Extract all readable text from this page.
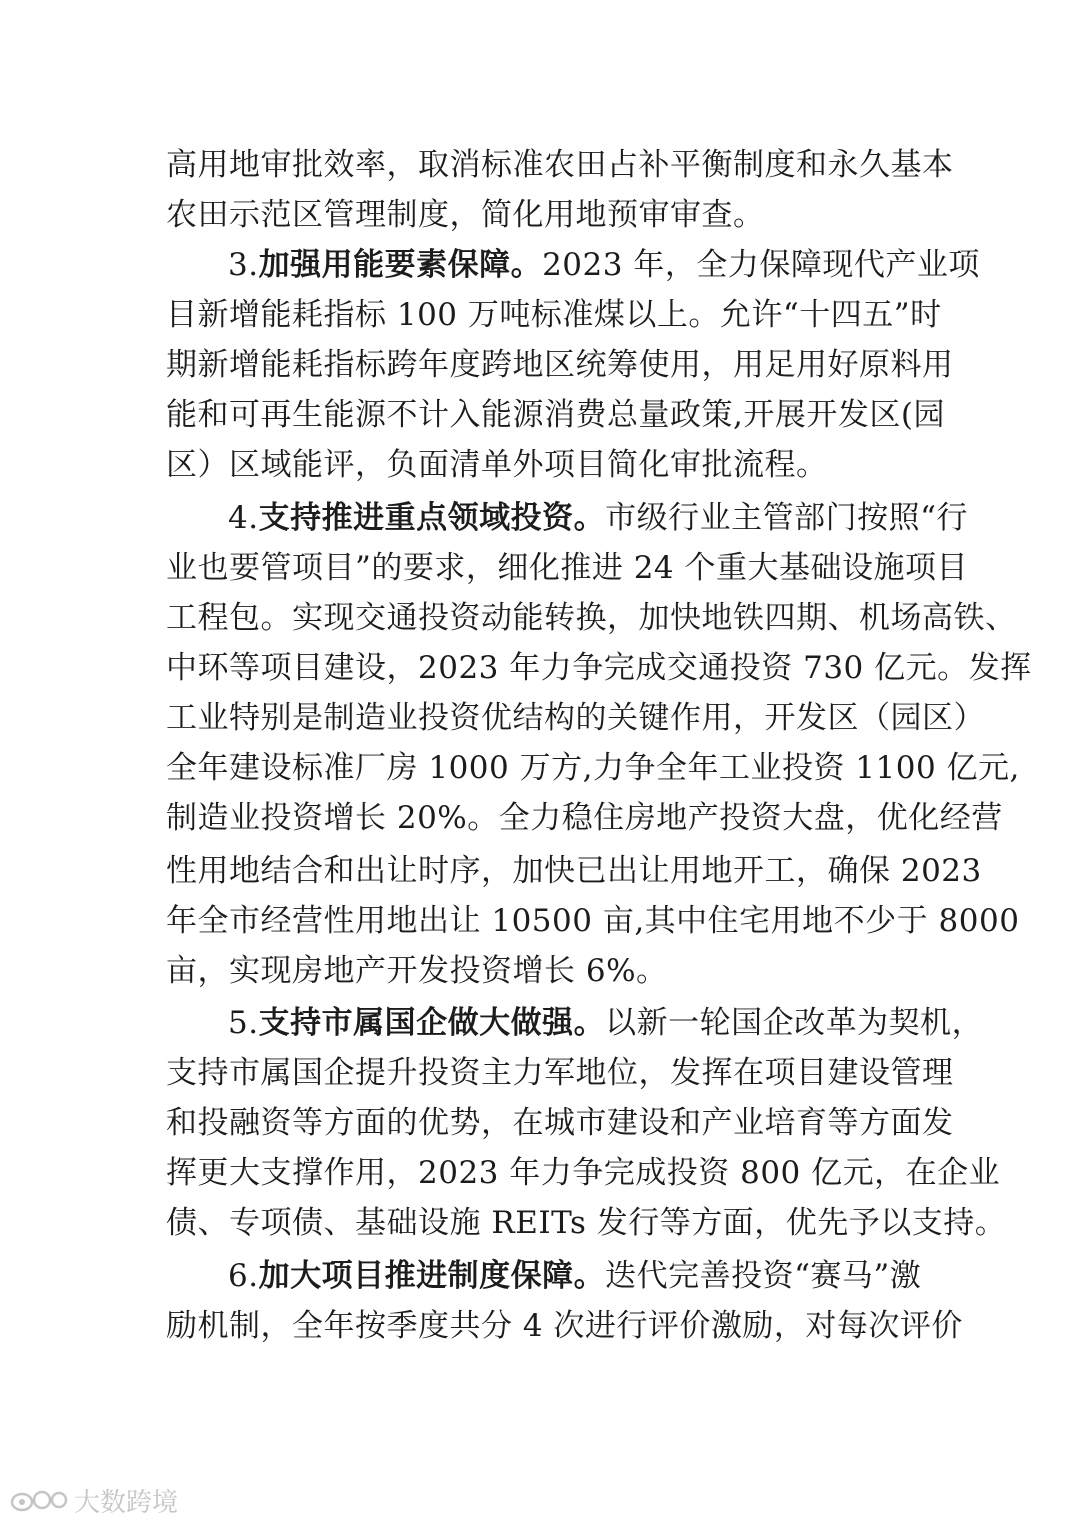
高用地审批效率，取消标准农田占补平衡制度和永久基本
农田示范区管理制度，简化用地预审审查。
3.加强用能要素保障。2023 年，全力保障现代产业项
目新增能耗指标 100 万吨标准煤以上。允许“十四五”时
期新增能耗指标跨年度跨地区统筹使用，用足用好原料用
能和可再生能源不计入能源消费总量政策,开展开发区(园
区）区域能评，负面清单外项目简化审批流程。
4.支持推进重点领域投资。市级行业主管部门按照“行
业也要管项目”的要求，细化推进 24 个重大基础设施项目
工程包。实现交通投资动能转换，加快地铁四期、机场高铁、
中环等项目建设，2023 年力争完成交通投资 730 亿元。发挥
工业特别是制造业投资优结构的关键作用，开发区（园区）
全年建设标准厂房 1000 万方,力争全年工业投资 1100 亿元,
制造业投资增长 20%。全力稳住房地产投资大盘，优化经营
性用地结合和出让时序，加快已出让用地开工，确保 2023
年全市经营性用地出让 10500 亩,其中住宅用地不少于 8000
亩，实现房地产开发投资增长 6%。
5.支持市属国企做大做强。以新一轮国企改革为契机，
支持市属国企提升投资主力军地位，发挥在项目建设管理
和投融资等方面的优势，在城市建设和产业培育等方面发
挥更大支撑作用，2023 年力争完成投资 800 亿元，在企业
债、专项债、基础设施 REITs 发行等方面，优先予以支持。
6.加大项目推进制度保障。迭代完善投资“赛马”激
励机制，全年按季度共分 4 次进行评价激励，对每次评价
大数跨境
